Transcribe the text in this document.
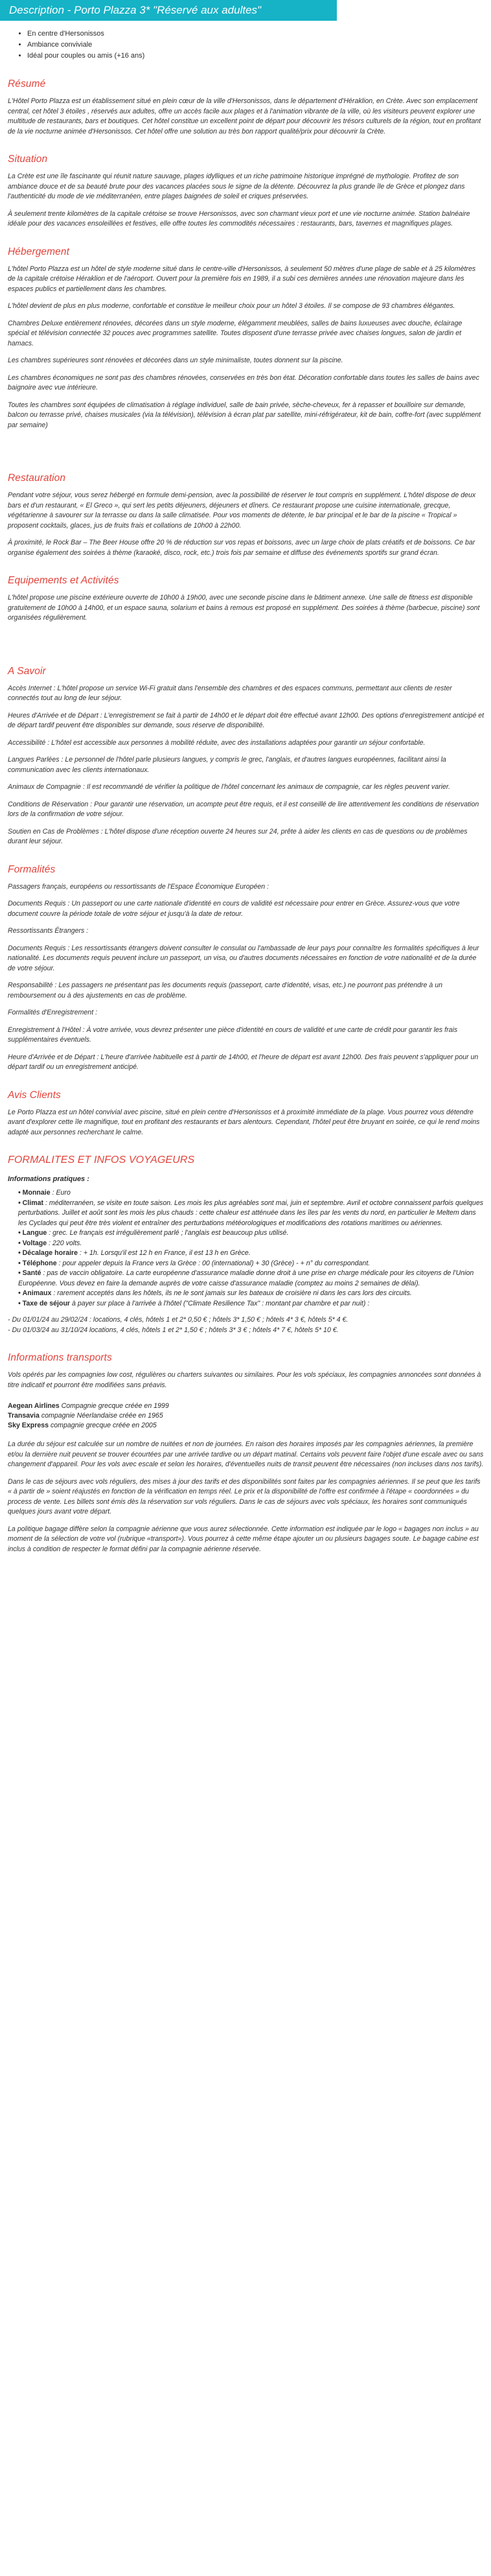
Description - Porto Plazza 3* "Réservé aux adultes"
• En centre d'Hersonissos
• Ambiance conviviale
• Idéal pour couples ou amis (+16 ans)
Résumé

L'Hôtel Porto Plazza est un établissement situé en plein cœur de la ville d'Hersonissos, dans le département d'Héraklion, en Crète. Avec son emplacement central, cet hôtel 3 étoiles , réservés aux adultes, offre un accès facile aux plages et à l'animation vibrante de la ville, où les visiteurs peuvent explorer une multitude de restaurants, bars et boutiques. Cet hôtel constitue un excellent point de départ pour découvrir les trésors culturels de la région, tout en profitant de la vie nocturne animée d'Hersonissos. Cet hôtel offre une solution au très bon rapport qualité/prix pour découvrir la Crète.

Situation

La Crète est une île fascinante qui réunit nature sauvage, plages idylliques et un riche patrimoine historique imprégné de mythologie. Profitez de son ambiance douce et de sa beauté brute pour des vacances placées sous le signe de la détente. Découvrez la plus grande île de Grèce et plongez dans l'authenticité du mode de vie méditerranéen, entre plages baignées de soleil et criques préservées.

À seulement trente kilomètres de la capitale crétoise se trouve Hersonissos, avec son charmant vieux port et une vie nocturne animée. Station balnéaire idéale pour des vacances ensoleillées et festives, elle offre toutes les commodités nécessaires : restaurants, bars, tavernes et magnifiques plages.

Hébergement

L'hôtel Porto Plazza est un hôtel de style moderne situé dans le centre-ville d'Hersonissos, à seulement 50 mètres d'une plage de sable et à 25 kilomètres de la capitale crétoise Héraklion et de l'aéroport. Ouvert pour la première fois en 1989, il a subi ces dernières années une rénovation majeure dans les espaces publics et partiellement dans les chambres.

L'hôtel devient de plus en plus moderne, confortable et constitue le meilleur choix pour un hôtel 3 étoiles. Il se compose de 93 chambres élégantes.

Chambres Deluxe entièrement rénovées, décorées dans un style moderne, élégamment meublées, salles de bains luxueuses avec douche, éclairage spécial et télévision connectée 32 pouces avec programmes satellite. Toutes disposent d'une terrasse privée avec chaises longues, salon de jardin et hamacs.

Les chambres supérieures sont rénovées et décorées dans un style minimaliste, toutes donnent sur la piscine.

Les chambres économiques ne sont pas des chambres rénovées, conservées en très bon état. Décoration confortable dans toutes les salles de bains avec baignoire avec vue intérieure.

Toutes les chambres sont équipées de climatisation à réglage individuel, salle de bain privée, sèche-cheveux, fer à repasser et bouilloire sur demande, balcon ou terrasse privé, chaises musicales (via la télévision), télévision à écran plat par satellite, mini-réfrigérateur, kit de bain, coffre-fort (avec supplément par semaine)

Restauration

Pendant votre séjour, vous serez hébergé en formule demi-pension, avec la possibilité de réserver le tout compris en supplément. L'hôtel dispose de deux bars et d'un restaurant, « El Greco », qui sert les petits déjeuners, déjeuners et dîners. Ce restaurant propose une cuisine internationale, grecque, végétarienne à savourer sur la terrasse ou dans la salle climatisée. Pour vos moments de détente, le bar principal et le bar de la piscine « Tropical » proposent cocktails, glaces, jus de fruits frais et collations de 10h00 à 22h00.

À proximité, le Rock Bar – The Beer House offre 20 % de réduction sur vos repas et boissons, avec un large choix de plats créatifs et de boissons. Ce bar organise également des soirées à thème (karaoké, disco, rock, etc.) trois fois par semaine et diffuse des événements sportifs sur grand écran.

Equipements et Activités

L'hôtel propose une piscine extérieure ouverte de 10h00 à 19h00, avec une seconde piscine dans le bâtiment annexe. Une salle de fitness est disponible gratuitement de 10h00 à 14h00, et un espace sauna, solarium et bains à remous est proposé en supplément. Des soirées à thème (barbecue, piscine) sont organisées régulièrement.

A Savoir

Accès Internet : L'hôtel propose un service Wi-Fi gratuit dans l'ensemble des chambres et des espaces communs, permettant aux clients de rester connectés tout au long de leur séjour.

Heures d'Arrivée et de Départ : L'enregistrement se fait à partir de 14h00 et le départ doit être effectué avant 12h00. Des options d'enregistrement anticipé et de départ tardif peuvent être disponibles sur demande, sous réserve de disponibilité.

Accessibilité : L'hôtel est accessible aux personnes à mobilité réduite, avec des installations adaptées pour garantir un séjour confortable.

Langues Parlées : Le personnel de l'hôtel parle plusieurs langues, y compris le grec, l'anglais, et d'autres langues européennes, facilitant ainsi la communication avec les clients internationaux.

Animaux de Compagnie : Il est recommandé de vérifier la politique de l'hôtel concernant les animaux de compagnie, car les règles peuvent varier.

Conditions de Réservation : Pour garantir une réservation, un acompte peut être requis, et il est conseillé de lire attentivement les conditions de réservation lors de la confirmation de votre séjour.

Soutien en Cas de Problèmes : L'hôtel dispose d'une réception ouverte 24 heures sur 24, prête à aider les clients en cas de questions ou de problèmes durant leur séjour.

Formalités

Passagers français, européens ou ressortissants de l'Espace Économique Européen :

Documents Requis : Un passeport ou une carte nationale d'identité en cours de validité est nécessaire pour entrer en Grèce. Assurez-vous que votre document couvre la période totale de votre séjour et jusqu'à la date de retour.

Ressortissants Étrangers :

Documents Requis : Les ressortissants étrangers doivent consulter le consulat ou l'ambassade de leur pays pour connaître les formalités spécifiques à leur nationalité. Les documents requis peuvent inclure un passeport, un visa, ou d'autres documents nécessaires en fonction de votre nationalité et de la durée de votre séjour.

Responsabilité : Les passagers ne présentant pas les documents requis (passeport, carte d'identité, visas, etc.) ne pourront pas prétendre à un remboursement ou à des ajustements en cas de problème.

Formalités d'Enregistrement :

Enregistrement à l'Hôtel : À votre arrivée, vous devrez présenter une pièce d'identité en cours de validité et une carte de crédit pour garantir les frais supplémentaires éventuels.

Heure d'Arrivée et de Départ : L'heure d'arrivée habituelle est à partir de 14h00, et l'heure de départ est avant 12h00. Des frais peuvent s'appliquer pour un départ tardif ou un enregistrement anticipé.

Avis Clients

Le Porto Plazza est un hôtel convivial avec piscine, situé en plein centre d'Hersonissos et à proximité immédiate de la plage. Vous pourrez vous détendre avant d'explorer cette île magnifique, tout en profitant des restaurants et bars alentours. Cependant, l'hôtel peut être bruyant en soirée, ce qui le rend moins adapté aux personnes recherchant le calme.

FORMALITES ET INFOS VOYAGEURS
Informations pratiques :
• Monnaie : Euro
• Climat : méditerranéen, se visite en toute saison. Les mois les plus agréables sont mai, juin et septembre. Avril et octobre connaissent parfois quelques perturbations. Juillet et août sont les mois les plus chauds : cette chaleur est atténuée dans les îles par les vents du nord, en particulier le Meltem dans les Cyclades qui peut être très violent et entraîner des perturbations météorologiques et modifications des rotations maritimes ou aériennes.
• Langue : grec. Le français est irrégulièrement parlé ; l'anglais est beaucoup plus utilisé.
• Voltage : 220 volts.
• Décalage horaire : + 1h. Lorsqu'il est 12 h en France, il est 13 h en Grèce.
• Téléphone : pour appeler depuis la France vers la Grèce : 00 (international) + 30 (Grèce) - + n° du correspondant.
• Santé : pas de vaccin obligatoire. La carte européenne d'assurance maladie donne droit à une prise en charge médicale pour les citoyens de l'Union Européenne. Vous devez en faire la demande auprès de votre caisse d'assurance maladie (comptez au moins 2 semaines de délai).
• Animaux : rarement acceptés dans les hôtels, ils ne le sont jamais sur les bateaux de croisière ni dans les cars lors des circuits.
• Taxe de séjour à payer sur place à l'arrivée à l'hôtel ("Climate Resilience Tax" : montant par chambre et par nuit) :

- Du 01/01/24 au 29/02/24 : locations, 4 clés, hôtels 1 et 2* 0,50 € ; hôtels 3* 1,50 € ; hôtels 4* 3 €, hôtels 5* 4 €.

- Du 01/03/24 au 31/10/24 locations, 4 clés, hôtels 1 et 2* 1,50 € ; hôtels 3* 3 € ; hôtels 4* 7 €, hôtels 5* 10 €.

Informations transports

Vols opérés par les compagnies low cost, régulières ou charters suivantes ou similaires. Pour les vols spéciaux, les compagnies annoncées sont données à titre indicatif et pourront être modifiées sans préavis.

Aegean Airlines Compagnie grecque créée en 1999

Transavia compagnie Néerlandaise créée en 1965

Sky Express compagnie grecque créée en 2005

La durée du séjour est calculée sur un nombre de nuitées et non de journées. En raison des horaires imposés par les compagnies aériennes, la première et/ou la dernière nuit peuvent se trouver écourtées par une arrivée tardive ou un départ matinal. Certains vols peuvent faire l'objet d'une escale avec ou sans changement d'appareil. Pour les vols avec escale et selon les horaires, d'éventuelles nuits de transit peuvent être nécessaires (non incluses dans nos tarifs).

Dans le cas de séjours avec vols réguliers, des mises à jour des tarifs et des disponibilités sont faites par les compagnies aériennes. Il se peut que les tarifs « à partir de » soient réajustés en fonction de la vérification en temps réel. Le prix et la disponibilité de l'offre est confirmée à l'étape « coordonnées » du process de vente. Les billets sont émis dès la réservation sur vols réguliers. Dans le cas de séjours avec vols spéciaux, les horaires sont communiqués quelques jours avant votre départ.

La politique bagage diffère selon la compagnie aérienne que vous aurez sélectionnée. Cette information est indiquée par le logo « bagages non inclus » au moment de la sélection de votre vol (rubrique «transport»). Vous pourrez à cette même étape ajouter un ou plusieurs bagages soute. Le bagage cabine est inclus à condition de respecter le format défini par la compagnie aérienne réservée.
